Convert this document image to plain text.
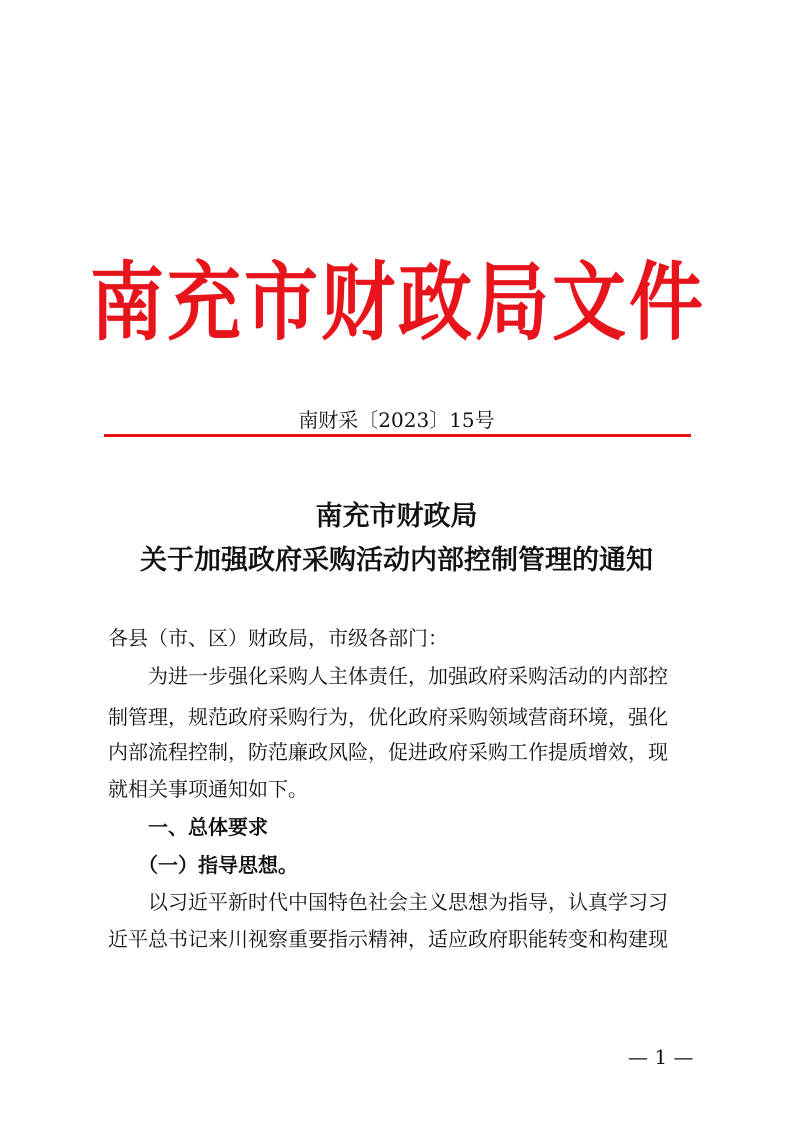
南 充 市 财 政 局 文 件
南财采〔2023〕15号
南充市财政局
关于加强政府采购活动内部控制管理的通知
各县（市、区）财政局，市级各部门：
为进一步强化采购人主体责任，加强政府采购活动的内部控
制管理，规范政府采购行为，优化政府采购领域营商环境，强化
内部流程控制，防范廉政风险，促进政府采购工作提质增效，现
就相关事项通知如下。
一、总体要求
（一）指导思想。
以习近平新时代中国特色社会主义思想为指导，认真学习习
近平总书记来川视察重要指示精神，适应政府职能转变和构建现
— 1 —
